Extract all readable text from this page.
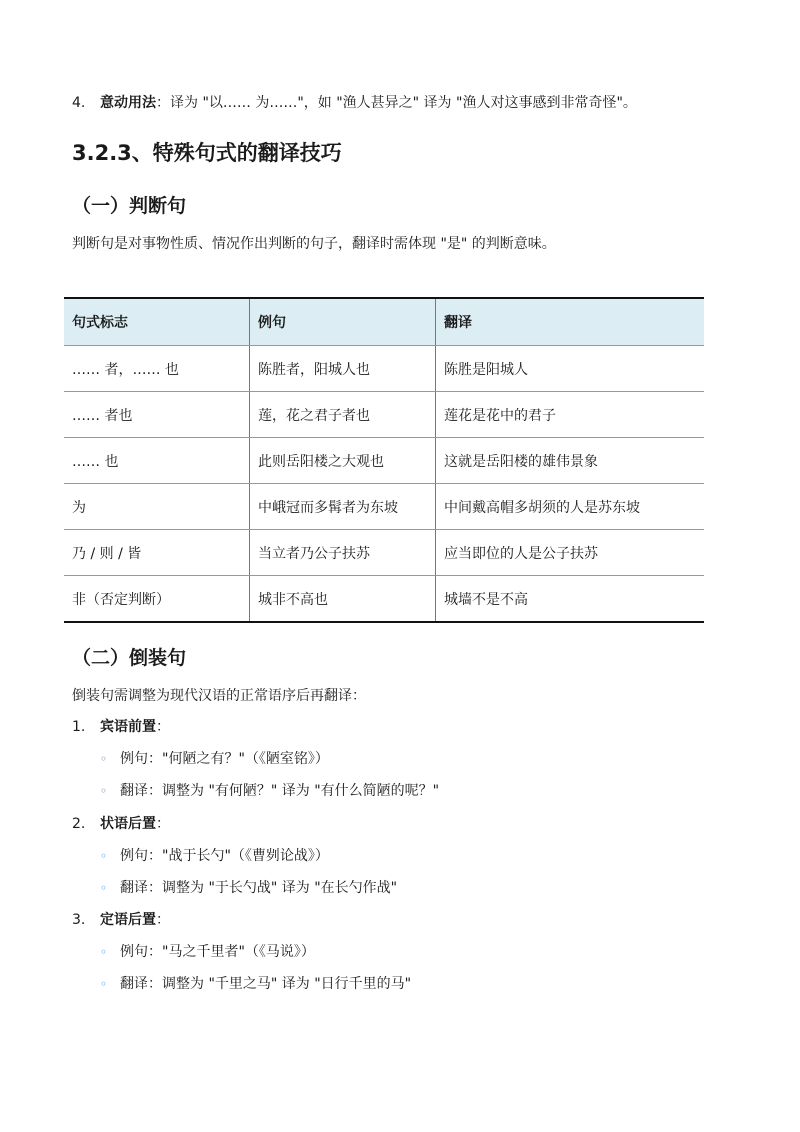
4. 意动用法：译为 "以…… 为……"，如 "渔人甚异之" 译为 "渔人对这事感到非常奇怪"。
3.2.3、特殊句式的翻译技巧
（一）判断句
判断句是对事物性质、情况作出判断的句子，翻译时需体现 "是" 的判断意味。
句式标志	例句	翻译
…… 者，…… 也	陈胜者，阳城人也	陈胜是阳城人
…… 者也	莲，花之君子者也	莲花是花中的君子
…… 也	此则岳阳楼之大观也	这就是岳阳楼的雄伟景象
为	中峨冠而多髯者为东坡	中间戴高帽多胡须的人是苏东坡
乃 / 则 / 皆	当立者乃公子扶苏	应当即位的人是公子扶苏
非（否定判断）	城非不高也	城墙不是不高
（二）倒装句
倒装句需调整为现代汉语的正常语序后再翻译：
1. 宾语前置：
◦ 例句："何陋之有？"（《陋室铭》）
◦ 翻译：调整为 "有何陋？" 译为 "有什么简陋的呢？"
2. 状语后置：
◦ 例句："战于长勺"（《曹刿论战》）
◦ 翻译：调整为 "于长勺战" 译为 "在长勺作战"
3. 定语后置：
◦ 例句："马之千里者"（《马说》）
◦ 翻译：调整为 "千里之马" 译为 "日行千里的马"
